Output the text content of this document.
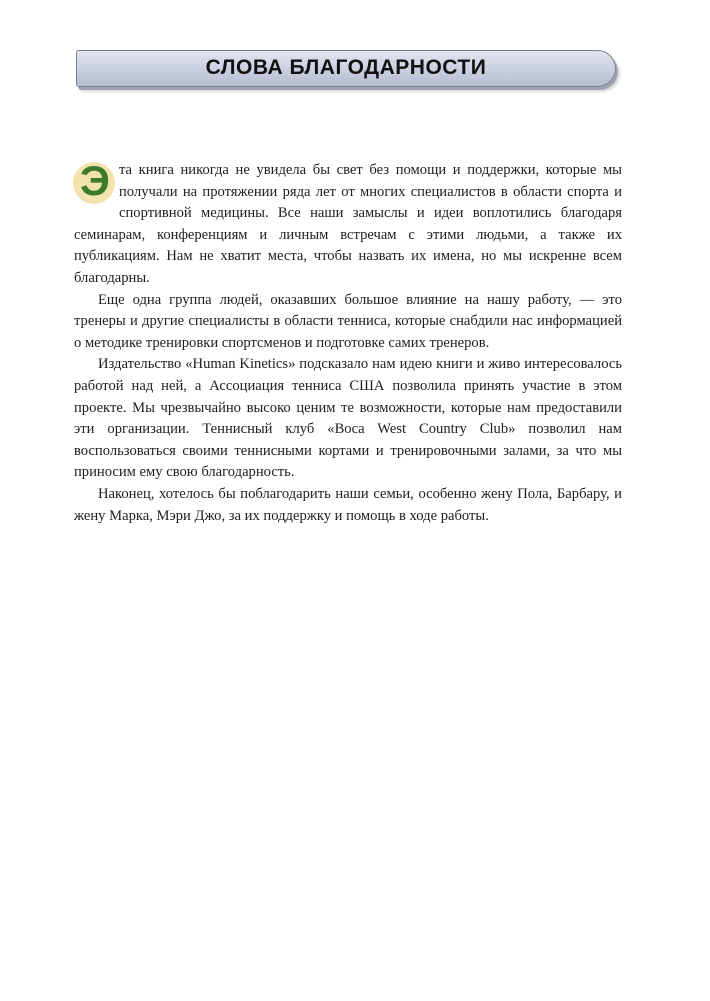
СЛОВА БЛАГОДАРНОСТИ

Э та книга никогда не увидела бы свет без помощи и поддержки, которые мы получали на протяжении ряда лет от многих специалистов в области спорта и спортивной медицины. Все наши замыслы и идеи воплотились благодаря семинарам, конференциям и личным встречам с этими людьми, а также их публикациям. Нам не хватит места, чтобы назвать их имена, но мы искренне всем благодарны.

Еще одна группа людей, оказавших большое влияние на нашу работу, — это тренеры и другие специалисты в области тенниса, которые снабдили нас информацией о методике тренировки спортсменов и подготовке самих тренеров.

Издательство «Human Kinetics» подсказало нам идею книги и живо интересовалось работой над ней, а Ассоциация тенниса США позволила принять участие в этом проекте. Мы чрезвычайно высоко ценим те возможности, которые нам предоставили эти организации. Теннисный клуб «Boca West Country Club» позволил нам воспользоваться своими теннисными кортами и тренировочными залами, за что мы приносим ему свою благодарность.

Наконец, хотелось бы поблагодарить наши семьи, особенно жену Пола, Барбару, и жену Марка, Мэри Джо, за их поддержку и помощь в ходе работы.
